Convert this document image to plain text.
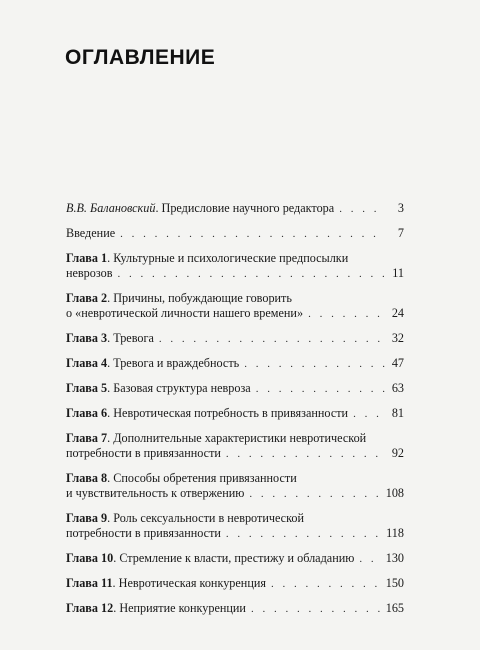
ОГЛАВЛЕНИЕ
В.В. Балановский. Предисловие научного редактора . . .	3
Введение . . .	7
Глава 1. Культурные и психологические предпосылки
неврозов . . .	11
Глава 2. Причины, побуждающие говорить
о «невротической личности нашего времени» . . .	24
Глава 3. Тревога . . .	32
Глава 4. Тревога и враждебность . . .	47
Глава 5. Базовая структура невроза . . .	63
Глава 6. Невротическая потребность в привязанности . . .	81
Глава 7. Дополнительные характеристики невротической
потребности в привязанности . . .	92
Глава 8. Способы обретения привязанности
и чувствительность к отвержению . . .	108
Глава 9. Роль сексуальности в невротической
потребности в привязанности . . .	118
Глава 10. Стремление к власти, престижу и обладанию . . .	130
Глава 11. Невротическая конкуренция . . .	150
Глава 12. Неприятие конкуренции . . .	165
